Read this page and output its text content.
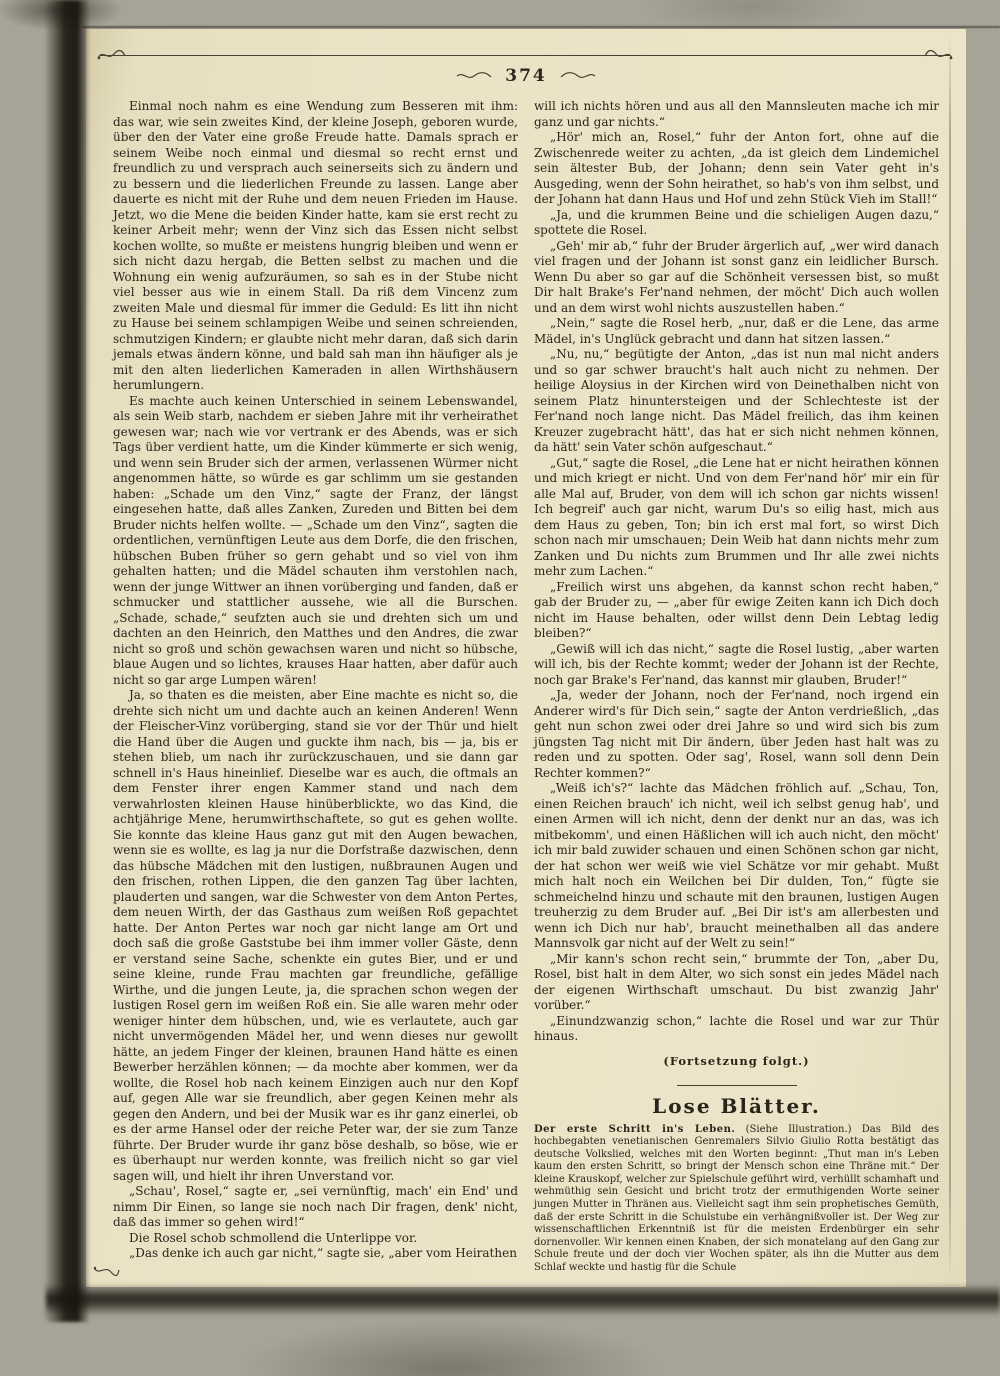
374

Einmal noch nahm es eine Wendung zum Besseren mit ihm: das war, wie sein zweites Kind, der kleine Joseph, geboren wurde, über den der Vater eine große Freude hatte. Damals sprach er seinem Weibe noch einmal und diesmal so recht ernst und freundlich zu und versprach auch seinerseits sich zu ändern und zu bessern und die liederlichen Freunde zu lassen. Lange aber dauerte es nicht mit der Ruhe und dem neuen Frieden im Hause. Jetzt, wo die Mene die beiden Kinder hatte, kam sie erst recht zu keiner Arbeit mehr; wenn der Vinz sich das Essen nicht selbst kochen wollte, so mußte er meistens hungrig bleiben und wenn er sich nicht dazu hergab, die Betten selbst zu machen und die Wohnung ein wenig aufzuräumen, so sah es in der Stube nicht viel besser aus wie in einem Stall. Da riß dem Vincenz zum zweiten Male und diesmal für immer die Geduld: Es litt ihn nicht zu Hause bei seinem schlampigen Weibe und seinen schreienden, schmutzigen Kindern; er glaubte nicht mehr daran, daß sich darin jemals etwas ändern könne, und bald sah man ihn häufiger als je mit den alten liederlichen Kameraden in allen Wirthshäusern herumlungern.

Es machte auch keinen Unterschied in seinem Lebenswandel, als sein Weib starb, nachdem er sieben Jahre mit ihr verheirathet gewesen war; nach wie vor vertrank er des Abends, was er sich Tags über verdient hatte, um die Kinder kümmerte er sich wenig, und wenn sein Bruder sich der armen, verlassenen Würmer nicht angenommen hätte, so würde es gar schlimm um sie gestanden haben: „Schade um den Vinz,“ sagte der Franz, der längst eingesehen hatte, daß alles Zanken, Zureden und Bitten bei dem Bruder nichts helfen wollte. — „Schade um den Vinz“, sagten die ordentlichen, vernünftigen Leute aus dem Dorfe, die den frischen, hübschen Buben früher so gern gehabt und so viel von ihm gehalten hatten; und die Mädel schauten ihm verstohlen nach, wenn der junge Wittwer an ihnen vorüberging und fanden, daß er schmucker und stattlicher aussehe, wie all die Burschen. „Schade, schade,“ seufzten auch sie und drehten sich um und dachten an den Heinrich, den Matthes und den Andres, die zwar nicht so groß und schön gewachsen waren und nicht so hübsche, blaue Augen und so lichtes, krauses Haar hatten, aber dafür auch nicht so gar arge Lumpen wären!

Ja, so thaten es die meisten, aber Eine machte es nicht so, die drehte sich nicht um und dachte auch an keinen Anderen! Wenn der Fleischer-Vinz vorüberging, stand sie vor der Thür und hielt die Hand über die Augen und guckte ihm nach, bis — ja, bis er stehen blieb, um nach ihr zurückzuschauen, und sie dann gar schnell in's Haus hineinlief. Dieselbe war es auch, die oftmals an dem Fenster ihrer engen Kammer stand und nach dem verwahrlosten kleinen Hause hinüberblickte, wo das Kind, die achtjährige Mene, herumwirthschaftete, so gut es gehen wollte. Sie konnte das kleine Haus ganz gut mit den Augen bewachen, wenn sie es wollte, es lag ja nur die Dorfstraße dazwischen, denn das hübsche Mädchen mit den lustigen, nußbraunen Augen und den frischen, rothen Lippen, die den ganzen Tag über lachten, plauderten und sangen, war die Schwester von dem Anton Pertes, dem neuen Wirth, der das Gasthaus zum weißen Roß gepachtet hatte. Der Anton Pertes war noch gar nicht lange am Ort und doch saß die große Gaststube bei ihm immer voller Gäste, denn er verstand seine Sache, schenkte ein gutes Bier, und er und seine kleine, runde Frau machten gar freundliche, gefällige Wirthe, und die jungen Leute, ja, die sprachen schon wegen der lustigen Rosel gern im weißen Roß ein. Sie alle waren mehr oder weniger hinter dem hübschen, und, wie es verlautete, auch gar nicht unvermögenden Mädel her, und wenn dieses nur gewollt hätte, an jedem Finger der kleinen, braunen Hand hätte es einen Bewerber herzählen können; — da mochte aber kommen, wer da wollte, die Rosel hob nach keinem Einzigen auch nur den Kopf auf, gegen Alle war sie freundlich, aber gegen Keinen mehr als gegen den Andern, und bei der Musik war es ihr ganz einerlei, ob es der arme Hansel oder der reiche Peter war, der sie zum Tanze führte. Der Bruder wurde ihr ganz böse deshalb, so böse, wie er es überhaupt nur werden konnte, was freilich nicht so gar viel sagen will, und hielt ihr ihren Unverstand vor.

„Schau', Rosel,“ sagte er, „sei vernünftig, mach' ein End' und nimm Dir Einen, so lange sie noch nach Dir fragen, denk' nicht, daß das immer so gehen wird!“

Die Rosel schob schmollend die Unterlippe vor.

„Das denke ich auch gar nicht,“ sagte sie, „aber vom Heirathen

will ich nichts hören und aus all den Mannsleuten mache ich mir ganz und gar nichts.“

„Hör' mich an, Rosel,“ fuhr der Anton fort, ohne auf die Zwischenrede weiter zu achten, „da ist gleich dem Lindemichel sein ältester Bub, der Johann; denn sein Vater geht in's Ausgeding, wenn der Sohn heirathet, so hab's von ihm selbst, und der Johann hat dann Haus und Hof und zehn Stück Vieh im Stall!“

„Ja, und die krummen Beine und die schieligen Augen dazu,“ spottete die Rosel.

„Geh' mir ab,“ fuhr der Bruder ärgerlich auf, „wer wird danach viel fragen und der Johann ist sonst ganz ein leidlicher Bursch. Wenn Du aber so gar auf die Schönheit versessen bist, so mußt Dir halt Brake's Fer'nand nehmen, der möcht' Dich auch wollen und an dem wirst wohl nichts auszustellen haben.“

„Nein,“ sagte die Rosel herb, „nur, daß er die Lene, das arme Mädel, in's Unglück gebracht und dann hat sitzen lassen.“

„Nu, nu,“ begütigte der Anton, „das ist nun mal nicht anders und so gar schwer braucht's halt auch nicht zu nehmen. Der heilige Aloysius in der Kirchen wird von Deinethalben nicht von seinem Platz hinuntersteigen und der Schlechteste ist der Fer'nand noch lange nicht. Das Mädel freilich, das ihm keinen Kreuzer zugebracht hätt', das hat er sich nicht nehmen können, da hätt' sein Vater schön aufgeschaut.“

„Gut,“ sagte die Rosel, „die Lene hat er nicht heirathen können und mich kriegt er nicht. Und von dem Fer'nand hör' mir ein für alle Mal auf, Bruder, von dem will ich schon gar nichts wissen! Ich begreif' auch gar nicht, warum Du's so eilig hast, mich aus dem Haus zu geben, Ton; bin ich erst mal fort, so wirst Dich schon nach mir umschauen; Dein Weib hat dann nichts mehr zum Zanken und Du nichts zum Brummen und Ihr alle zwei nichts mehr zum Lachen.“

„Freilich wirst uns abgehen, da kannst schon recht haben,“ gab der Bruder zu, — „aber für ewige Zeiten kann ich Dich doch nicht im Hause behalten, oder willst denn Dein Lebtag ledig bleiben?“

„Gewiß will ich das nicht,“ sagte die Rosel lustig, „aber warten will ich, bis der Rechte kommt; weder der Johann ist der Rechte, noch gar Brake's Fer'nand, das kannst mir glauben, Bruder!“

„Ja, weder der Johann, noch der Fer'nand, noch irgend ein Anderer wird's für Dich sein,“ sagte der Anton verdrießlich, „das geht nun schon zwei oder drei Jahre so und wird sich bis zum jüngsten Tag nicht mit Dir ändern, über Jeden hast halt was zu reden und zu spotten. Oder sag', Rosel, wann soll denn Dein Rechter kommen?“

„Weiß ich's?“ lachte das Mädchen fröhlich auf. „Schau, Ton, einen Reichen brauch' ich nicht, weil ich selbst genug hab', und einen Armen will ich nicht, denn der denkt nur an das, was ich mitbekomm', und einen Häßlichen will ich auch nicht, den möcht' ich mir bald zuwider schauen und einen Schönen schon gar nicht, der hat schon wer weiß wie viel Schätze vor mir gehabt. Mußt mich halt noch ein Weilchen bei Dir dulden, Ton,“ fügte sie schmeichelnd hinzu und schaute mit den braunen, lustigen Augen treuherzig zu dem Bruder auf. „Bei Dir ist's am allerbesten und wenn ich Dich nur hab', braucht meinethalben all das andere Mannsvolk gar nicht auf der Welt zu sein!“

„Mir kann's schon recht sein,“ brummte der Ton, „aber Du, Rosel, bist halt in dem Alter, wo sich sonst ein jedes Mädel nach der eigenen Wirthschaft umschaut. Du bist zwanzig Jahr' vorüber.“

„Einundzwanzig schon,“ lachte die Rosel und war zur Thür hinaus.

(Fortsetzung folgt.)

Lose Blätter.

Der erste Schritt in's Leben. (Siehe Illustration.) Das Bild des hochbegabten venetianischen Genremalers Silvio Giulio Rotta bestätigt das deutsche Volkslied, welches mit den Worten beginnt: „Thut man in's Leben kaum den ersten Schritt, so bringt der Mensch schon eine Thräne mit.“ Der kleine Krauskopf, welcher zur Spielschule geführt wird, verhüllt schamhaft und wehmüthig sein Gesicht und bricht trotz der ermuthigenden Worte seiner jungen Mutter in Thränen aus. Vielleicht sagt ihm sein prophetisches Gemüth, daß der erste Schritt in die Schulstube ein verhängnißvoller ist. Der Weg zur wissenschaftlichen Erkenntniß ist für die meisten Erdenbürger ein sehr dornenvoller. Wir kennen einen Knaben, der sich monatelang auf den Gang zur Schule freute und der doch vier Wochen später, als ihn die Mutter aus dem Schlaf weckte und hastig für die Schule
